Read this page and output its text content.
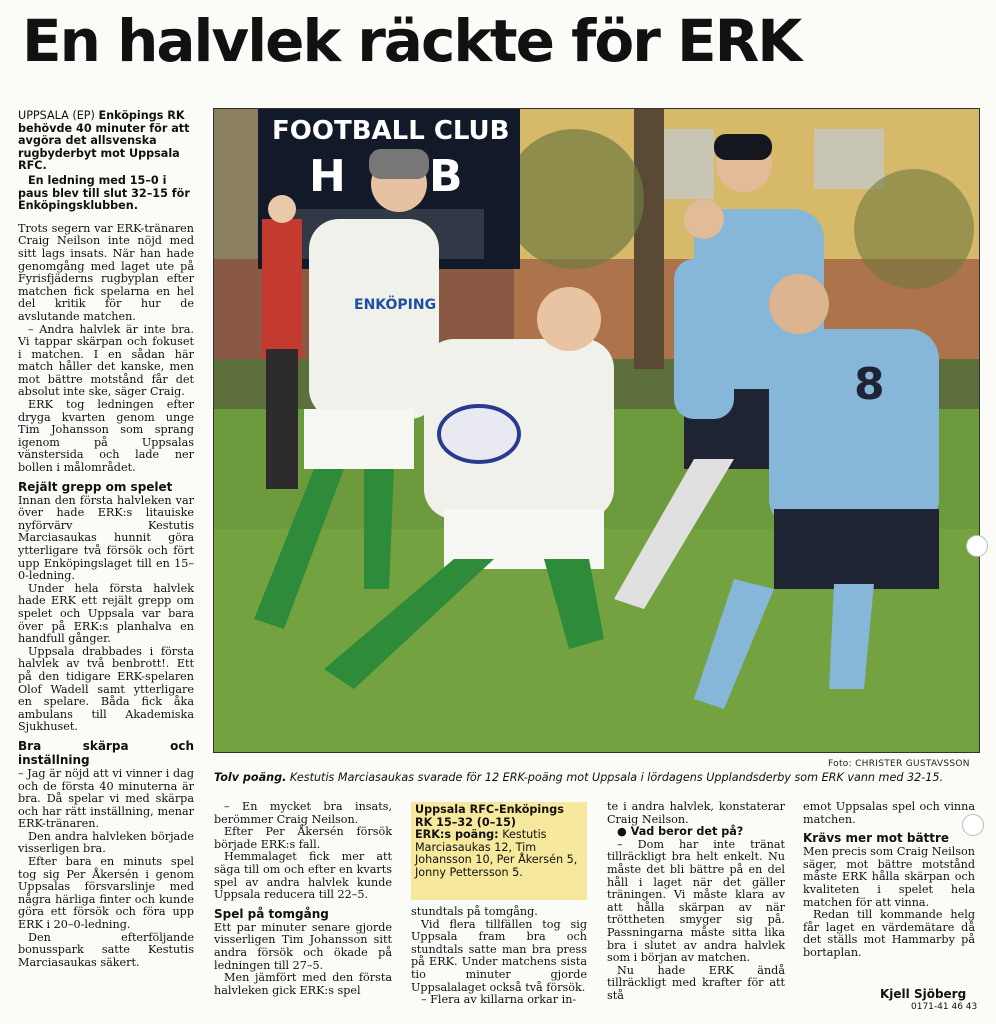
En halvlek räckte för ERK

UPPSALA (EP) Enköpings RK behövde 40 minuter för att avgöra det allsvenska rugbyderbyt mot Uppsala RFC.

En ledning med 15–0 i paus blev till slut 32–15 för Enköpingsklubben.

Trots segern var ERK-tränaren Craig Neilson inte nöjd med sitt lags insats. När han hade genomgång med laget ute på Fyrisfjäderns rugbyplan efter matchen fick spelarna en hel del kritik för hur de avslutande matchen.

– Andra halvlek är inte bra. Vi tappar skärpan och fokuset i matchen. I en sådan här match håller det kanske, men mot bättre motstånd får det absolut inte ske, säger Craig.

ERK tog ledningen efter dryga kvarten genom unge Tim Johansson som sprang igenom på Uppsalas vänstersida och lade ner bollen i målområdet.

Rejält grepp om spelet

Innan den första halvleken var över hade ERK:s litauiske nyförvärv Kestutis Marciasaukas hunnit göra ytterligare två försök och fört upp Enköpingslaget till en 15–0-ledning.

Under hela första halvlek hade ERK ett rejält grepp om spelet och Uppsala var bara över på ERK:s planhalva en handfull gånger.

Uppsala drabbades i första halvlek av två benbrott!. Ett på den tidigare ERK-spelaren Olof Wadell samt ytterligare en spelare. Båda fick åka ambulans till Akademiska Sjukhuset.

Bra skärpa och inställning

– Jag är nöjd att vi vinner i dag och de första 40 minuterna är bra. Då spelar vi med skärpa och har rätt inställning, menar ERK-tränaren.

Den andra halvleken började visserligen bra.

Efter bara en minuts spel tog sig Per Åkersén i genom Uppsalas försvarslinje med några härliga finter och kunde göra ett försök och föra upp ERK i 20–0-ledning.

Den efterföljande bonusspark satte Kestutis Marciasaukas säkert.

FOOTBALL CLUB
H B
ENKÖPING
8
Foto: CHRISTER GUSTAVSSON
Tolv poäng. Kestutis Marciasaukas svarade för 12 ERK-poäng mot Uppsala i lördagens Upplandsderby som ERK vann med 32-15.

– En mycket bra insats, berömmer Craig Neilson.

Efter Per Åkersén försök började ERK:s fall.

Hemmalaget fick mer att säga till om och efter en kvarts spel av andra halvlek kunde Uppsala reducera till 22–5.

Spel på tomgång

Ett par minuter senare gjorde visserligen Tim Johansson sitt andra försök och ökade på ledningen till 27–5.

Men jämfört med den första halvleken gick ERK:s spel

Uppsala RFC-Enköpings RK 15–32 (0–15)
ERK:s poäng: Kestutis Marciasaukas 12, Tim Johansson 10, Per Åkersén 5, Jonny Pettersson 5.

stundtals på tomgång.

Vid flera tillfällen tog sig Uppsala fram bra och stundtals satte man bra press på ERK. Under matchens sista tio minuter gjorde Uppsalalaget också två försök.

– Flera av killarna orkar in-

te i andra halvlek, konstaterar Craig Neilson.

● Vad beror det på?

– Dom har inte tränat tillräckligt bra helt enkelt. Nu måste det bli bättre på en del håll i laget när det gäller träningen. Vi måste klara av att hålla skärpan av när tröttheten smyger sig på. Passningarna måste sitta lika bra i slutet av andra halvlek som i början av matchen.

Nu hade ERK ändå tillräckligt med krafter för att stå

emot Uppsalas spel och vinna matchen.

Krävs mer mot bättre

Men precis som Craig Neilson säger, mot bättre motstånd måste ERK hålla skärpan och kvaliteten i spelet hela matchen för att vinna.

Redan till kommande helg får laget en värdemätare då det ställs mot Hammarby på bortaplan.

Kjell Sjöberg
0171-41 46 43
